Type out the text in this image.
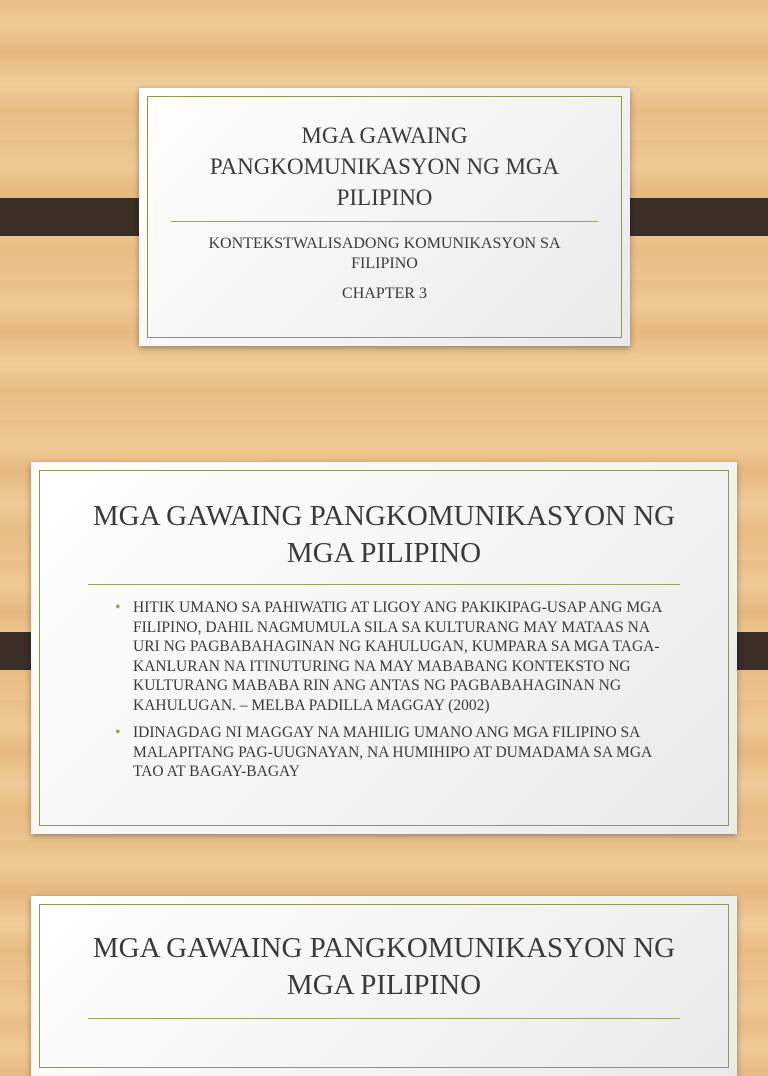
MGA GAWAING PANGKOMUNIKASYON NG MGA PILIPINO
KONTEKSTWALISADONG KOMUNIKASYON SA FILIPINO
CHAPTER 3
MGA GAWAING PANGKOMUNIKASYON NG MGA PILIPINO
• HITIK UMANO SA PAHIWATIG AT LIGOY ANG PAKIKIPAG-USAP ANG MGA FILIPINO, DAHIL NAGMUMULA SILA SA KULTURANG MAY MATAAS NA URI NG PAGBABAHAGINAN NG KAHULUGAN, KUMPARA SA MGA TAGA-KANLURAN NA ITINUTURING NA MAY MABABANG KONTEKSTO NG KULTURANG MABABA RIN ANG ANTAS NG PAGBABAHAGINAN NG KAHULUGAN. – MELBA PADILLA MAGGAY (2002)
• IDINAGDAG NI MAGGAY NA MAHILIG UMANO ANG MGA FILIPINO SA MALAPITANG PAG-UUGNAYAN, NA HUMIHIPO AT DUMADAMA SA MGA TAO AT BAGAY-BAGAY
MGA GAWAING PANGKOMUNIKASYON NG MGA PILIPINO
